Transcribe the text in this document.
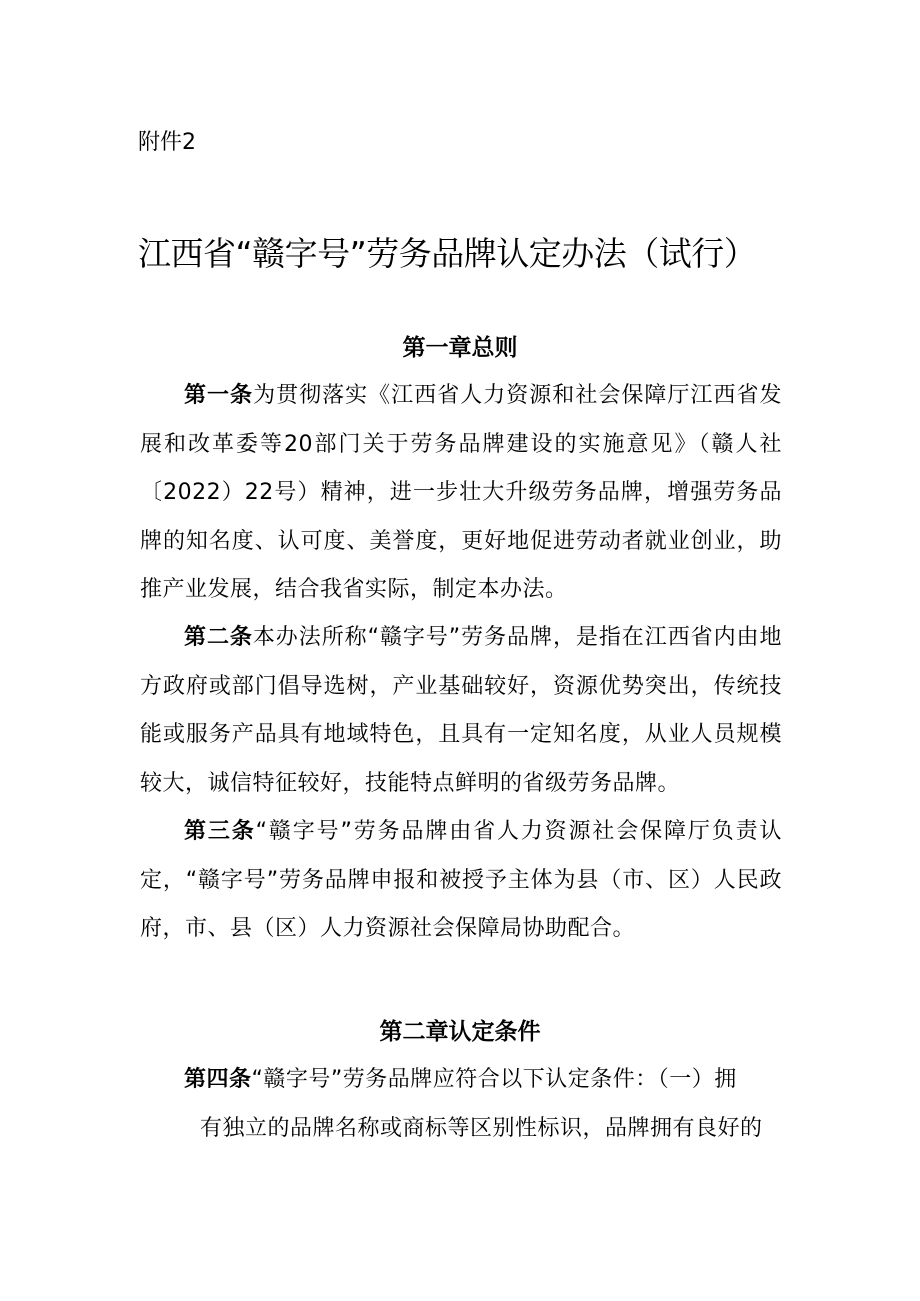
附件2
江西省“赣字号”劳务品牌认定办法（试行）
第一章总则

第一条为贯彻落实《江西省人力资源和社会保障厅江西省发展和改革委等20部门关于劳务品牌建设的实施意见》（赣人社〔2022）22号）精神，进一步壮大升级劳务品牌，增强劳务品牌的知名度、认可度、美誉度，更好地促进劳动者就业创业，助推产业发展，结合我省实际，制定本办法。

第二条本办法所称“赣字号”劳务品牌，是指在江西省内由地方政府或部门倡导选树，产业基础较好，资源优势突出，传统技能或服务产品具有地域特色，且具有一定知名度，从业人员规模较大，诚信特征较好，技能特点鲜明的省级劳务品牌。

第三条“赣字号”劳务品牌由省人力资源社会保障厅负责认定，“赣字号”劳务品牌申报和被授予主体为县（市、区）人民政府，市、县（区）人力资源社会保障局协助配合。

第二章认定条件

第四条“赣字号”劳务品牌应符合以下认定条件：（一）拥
有独立的品牌名称或商标等区别性标识，品牌拥有良好的
